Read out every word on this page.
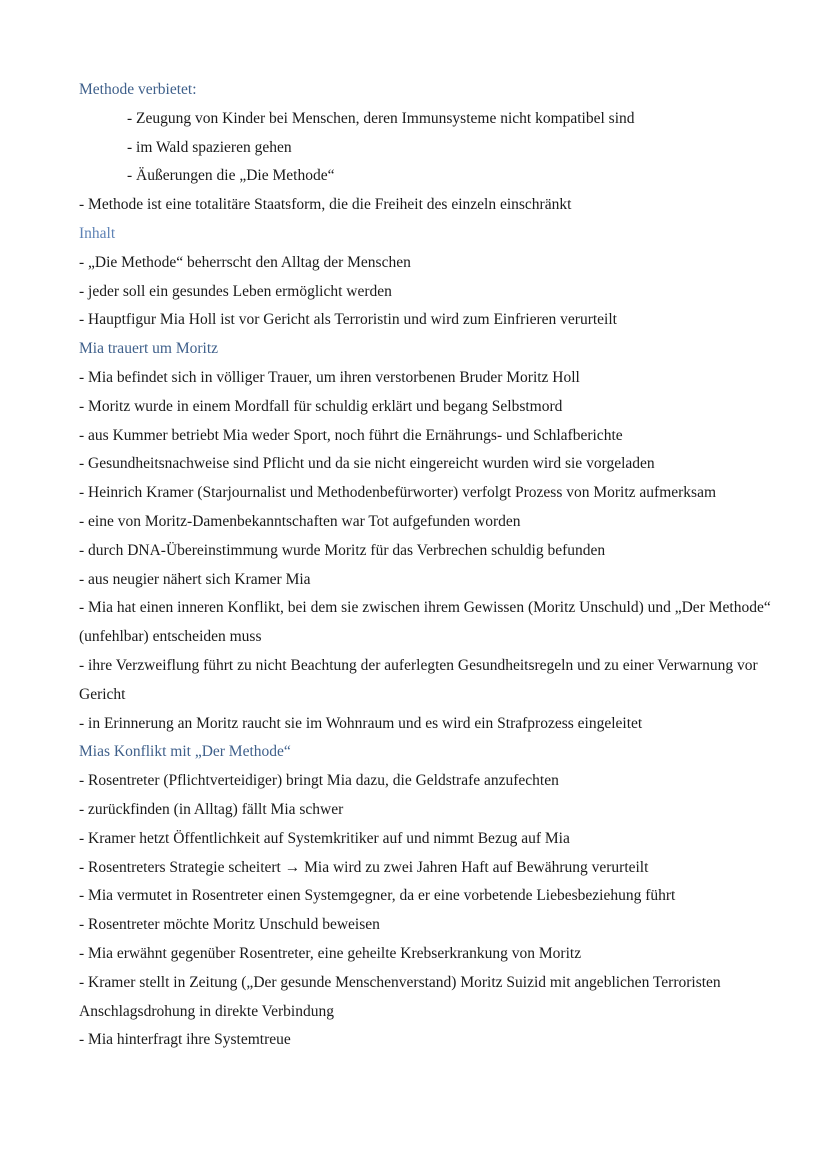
Methode verbietet:

- Zeugung von Kinder bei Menschen, deren Immunsysteme nicht kompatibel sind

- im Wald spazieren gehen

- Äußerungen die „Die Methode“

- Methode ist eine totalitäre Staatsform, die die Freiheit des einzeln einschränkt

Inhalt

- „Die Methode“ beherrscht den Alltag der Menschen

- jeder soll ein gesundes Leben ermöglicht werden

- Hauptfigur Mia Holl ist vor Gericht als Terroristin und wird zum Einfrieren verurteilt

Mia trauert um Moritz

- Mia befindet sich in völliger Trauer, um ihren verstorbenen Bruder Moritz Holl

- Moritz wurde in einem Mordfall für schuldig erklärt und begang Selbstmord

- aus Kummer betriebt Mia weder Sport, noch führt die Ernährungs- und Schlafberichte

- Gesundheitsnachweise sind Pflicht und da sie nicht eingereicht wurden wird sie vorgeladen

- Heinrich Kramer (Starjournalist und Methodenbefürworter) verfolgt Prozess von Moritz aufmerksam

- eine von Moritz-Damenbekanntschaften war Tot aufgefunden worden

- durch DNA-Übereinstimmung wurde Moritz für das Verbrechen schuldig befunden

- aus neugier nähert sich Kramer Mia

- Mia hat einen inneren Konflikt, bei dem sie zwischen ihrem Gewissen (Moritz Unschuld) und „Der Methode“ (unfehlbar) entscheiden muss

- ihre Verzweiflung führt zu nicht Beachtung der auferlegten Gesundheitsregeln und zu einer Verwarnung vor Gericht

- in Erinnerung an Moritz raucht sie im Wohnraum und es wird ein Strafprozess eingeleitet

Mias Konflikt mit „Der Methode“

- Rosentreter (Pflichtverteidiger) bringt Mia dazu, die Geldstrafe anzufechten

- zurückfinden (in Alltag) fällt Mia schwer

- Kramer hetzt Öffentlichkeit auf Systemkritiker auf und nimmt Bezug auf Mia

- Rosentreters Strategie scheitert → Mia wird zu zwei Jahren Haft auf Bewährung verurteilt

- Mia vermutet in Rosentreter einen Systemgegner, da er eine vorbetende Liebesbeziehung führt

- Rosentreter möchte Moritz Unschuld beweisen

- Mia erwähnt gegenüber Rosentreter, eine geheilte Krebserkrankung von Moritz

- Kramer stellt in Zeitung („Der gesunde Menschenverstand) Moritz Suizid mit angeblichen Terroristen Anschlagsdrohung in direkte Verbindung

- Mia hinterfragt ihre Systemtreue
